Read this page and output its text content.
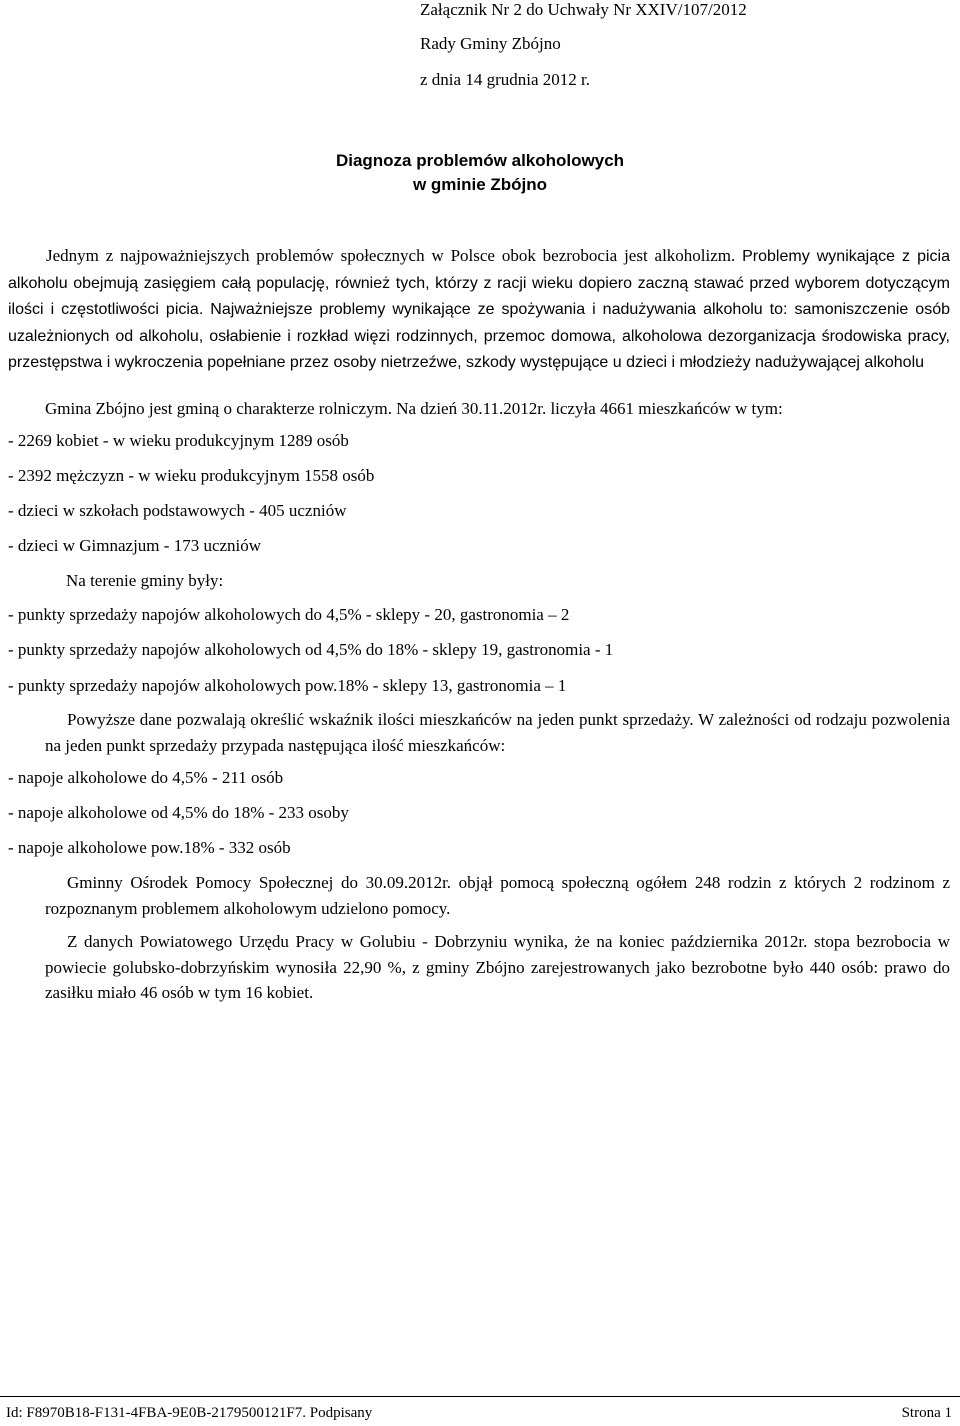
Załącznik Nr 2 do Uchwały Nr XXIV/107/2012
Rady Gminy Zbójno
z dnia 14 grudnia 2012 r.
Diagnoza problemów alkoholowych
w gminie Zbójno
Jednym z najpoważniejszych problemów społecznych w Polsce obok bezrobocia jest alkoholizm. Problemy wynikające z picia alkoholu obejmują zasięgiem całą populację, również tych, którzy z racji wieku dopiero zaczną stawać przed wyborem dotyczącym ilości i częstotliwości picia. Najważniejsze problemy wynikające ze spożywania i nadużywania alkoholu to: samoniszczenie osób uzależnionych od alkoholu, osłabienie i rozkład więzi rodzinnych, przemoc domowa, alkoholowa dezorganizacja środowiska pracy, przestępstwa i wykroczenia popełniane przez osoby nietrzeźwe, szkody występujące u dzieci i młodzieży nadużywającej alkoholu
Gmina Zbójno jest gminą o charakterze rolniczym. Na dzień 30.11.2012r. liczyła 4661 mieszkańców w tym:
- 2269 kobiet - w wieku produkcyjnym 1289 osób
- 2392 mężczyzn - w wieku produkcyjnym 1558 osób
- dzieci w szkołach podstawowych - 405 uczniów
- dzieci w Gimnazjum - 173 uczniów
Na terenie gminy były:
- punkty sprzedaży napojów alkoholowych do 4,5% - sklepy - 20, gastronomia – 2
- punkty sprzedaży napojów alkoholowych od 4,5% do 18% - sklepy 19, gastronomia - 1
- punkty sprzedaży napojów alkoholowych pow.18% - sklepy 13, gastronomia – 1
Powyższe dane pozwalają określić wskaźnik ilości mieszkańców na jeden punkt sprzedaży. W zależności od rodzaju pozwolenia na jeden punkt sprzedaży przypada następująca ilość mieszkańców:
- napoje alkoholowe do 4,5% - 211 osób
- napoje alkoholowe od 4,5% do 18% - 233 osoby
- napoje alkoholowe pow.18% - 332 osób
Gminny Ośrodek Pomocy Społecznej do 30.09.2012r. objął pomocą społeczną ogółem 248 rodzin z których 2 rodzinom z rozpoznanym problemem alkoholowym udzielono pomocy.
Z danych Powiatowego Urzędu Pracy w Golubiu - Dobrzyniu wynika, że na koniec października 2012r. stopa bezrobocia w powiecie golubsko-dobrzyńskim wynosiła 22,90 %, z gminy Zbójno zarejestrowanych jako bezrobotne było 440 osób: prawo do zasiłku miało 46 osób w tym 16 kobiet.
Id: F8970B18-F131-4FBA-9E0B-2179500121F7. Podpisany	Strona 1
